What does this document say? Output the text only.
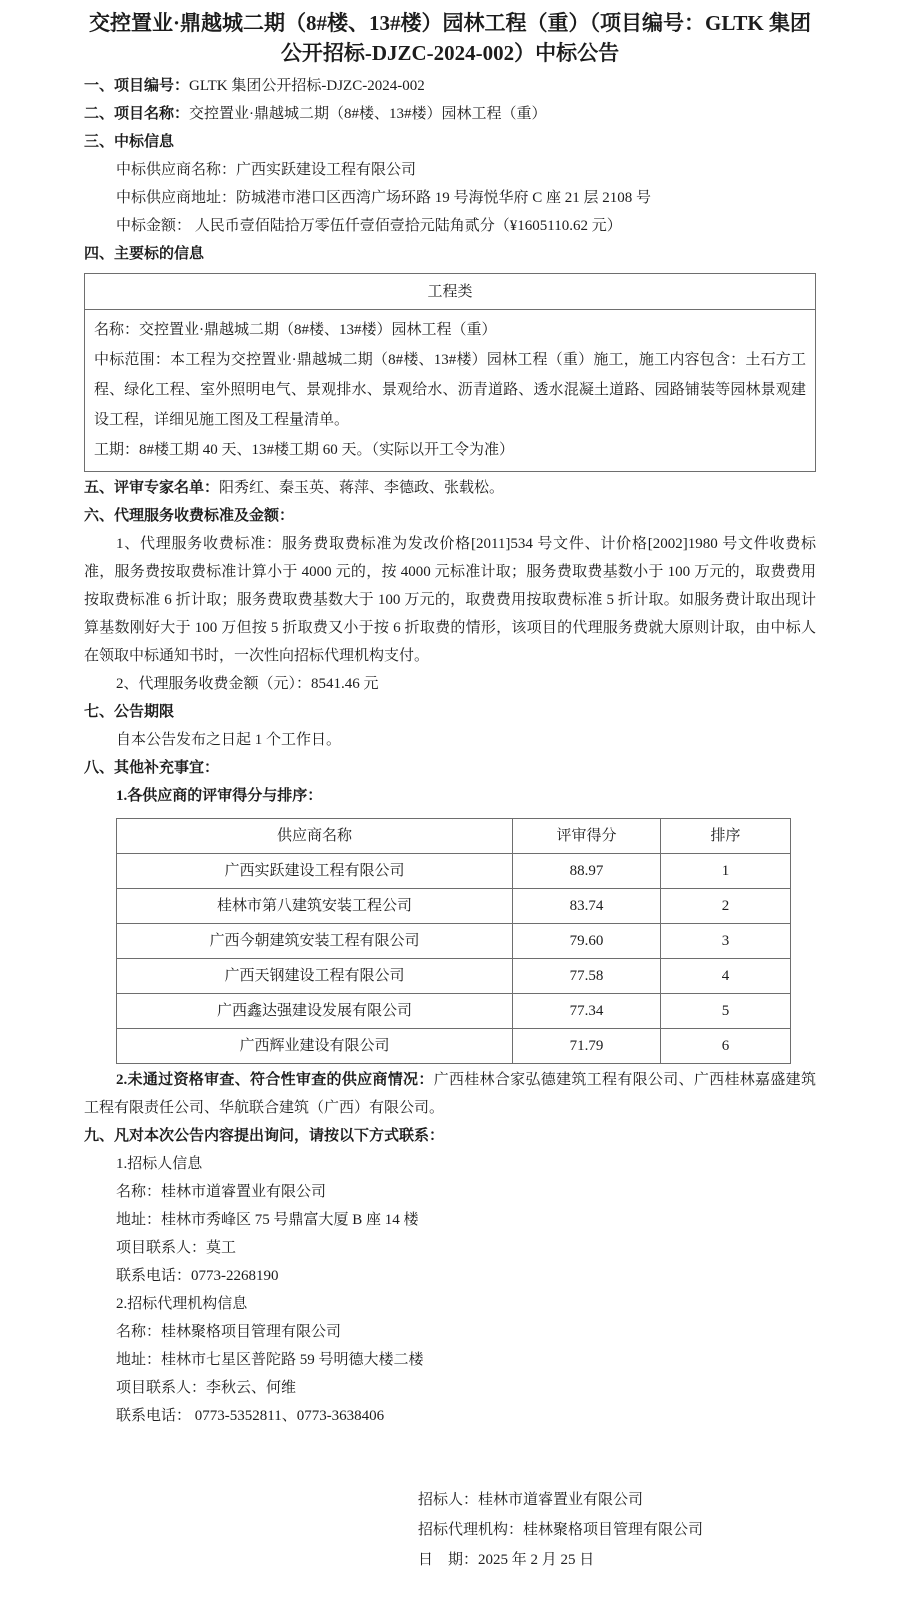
交控置业·鼎越城二期（8#楼、13#楼）园林工程（重）（项目编号：GLTK 集团
公开招标-DJZC-2024-002）中标公告
一、项目编号：GLTK 集团公开招标-DJZC-2024-002
二、项目名称：交控置业·鼎越城二期（8#楼、13#楼）园林工程（重）
三、中标信息
中标供应商名称：广西实跃建设工程有限公司
中标供应商地址：防城港市港口区西湾广场环路 19 号海悦华府 C 座 21 层 2108 号
中标金额： 人民币壹佰陆拾万零伍仟壹佰壹拾元陆角贰分（¥1605110.62 元）
四、主要标的信息
工程类

名称：交控置业·鼎越城二期（8#楼、13#楼）园林工程（重）
中标范围：本工程为交控置业·鼎越城二期（8#楼、13#楼）园林工程（重）施工，施工内容包含：土石方工程、绿化工程、室外照明电气、景观排水、景观给水、沥青道路、透水混凝土道路、园路铺装等园林景观建设工程，详细见施工图及工程量清单。
工期：8#楼工期 40 天、13#楼工期 60 天。（实际以开工令为准）
五、评审专家名单：阳秀红、秦玉英、蒋萍、李德政、张载松。
六、代理服务收费标准及金额：
1、代理服务收费标准：服务费取费标准为发改价格[2011]534 号文件、计价格[2002]1980 号文件收费标准，服务费按取费标准计算小于 4000 元的，按 4000 元标准计取；服务费取费基数小于 100 万元的，取费费用按取费标准 6 折计取；服务费取费基数大于 100 万元的，取费费用按取费标准 5 折计取。如服务费计取出现计算基数刚好大于 100 万但按 5 折取费又小于按 6 折取费的情形，该项目的代理服务费就大原则计取，由中标人在领取中标通知书时，一次性向招标代理机构支付。
2、代理服务收费金额（元）：8541.46 元
七、公告期限
自本公告发布之日起 1 个工作日。
八、其他补充事宜：
1.各供应商的评审得分与排序：
供应商名称	评审得分	排序
广西实跃建设工程有限公司	88.97	1
桂林市第八建筑安装工程公司	83.74	2
广西今朝建筑安装工程有限公司	79.60	3
广西天钢建设工程有限公司	77.58	4
广西鑫达强建设发展有限公司	77.34	5
广西辉业建设有限公司	71.79	6
2.未通过资格审查、符合性审查的供应商情况：广西桂林合家弘德建筑工程有限公司、广西桂林嘉盛建筑工程有限责任公司、华航联合建筑（广西）有限公司。
九、凡对本次公告内容提出询问，请按以下方式联系：
1.招标人信息
名称：桂林市道睿置业有限公司
地址：桂林市秀峰区 75 号鼎富大厦 B 座 14 楼
项目联系人：莫工
联系电话：0773-2268190
2.招标代理机构信息
名称：桂林聚格项目管理有限公司
地址：桂林市七星区普陀路 59 号明德大楼二楼
项目联系人：李秋云、何维
联系电话： 0773-5352811、0773-3638406
招标人：桂林市道睿置业有限公司
招标代理机构：桂林聚格项目管理有限公司
日　期：2025 年 2 月 25 日
